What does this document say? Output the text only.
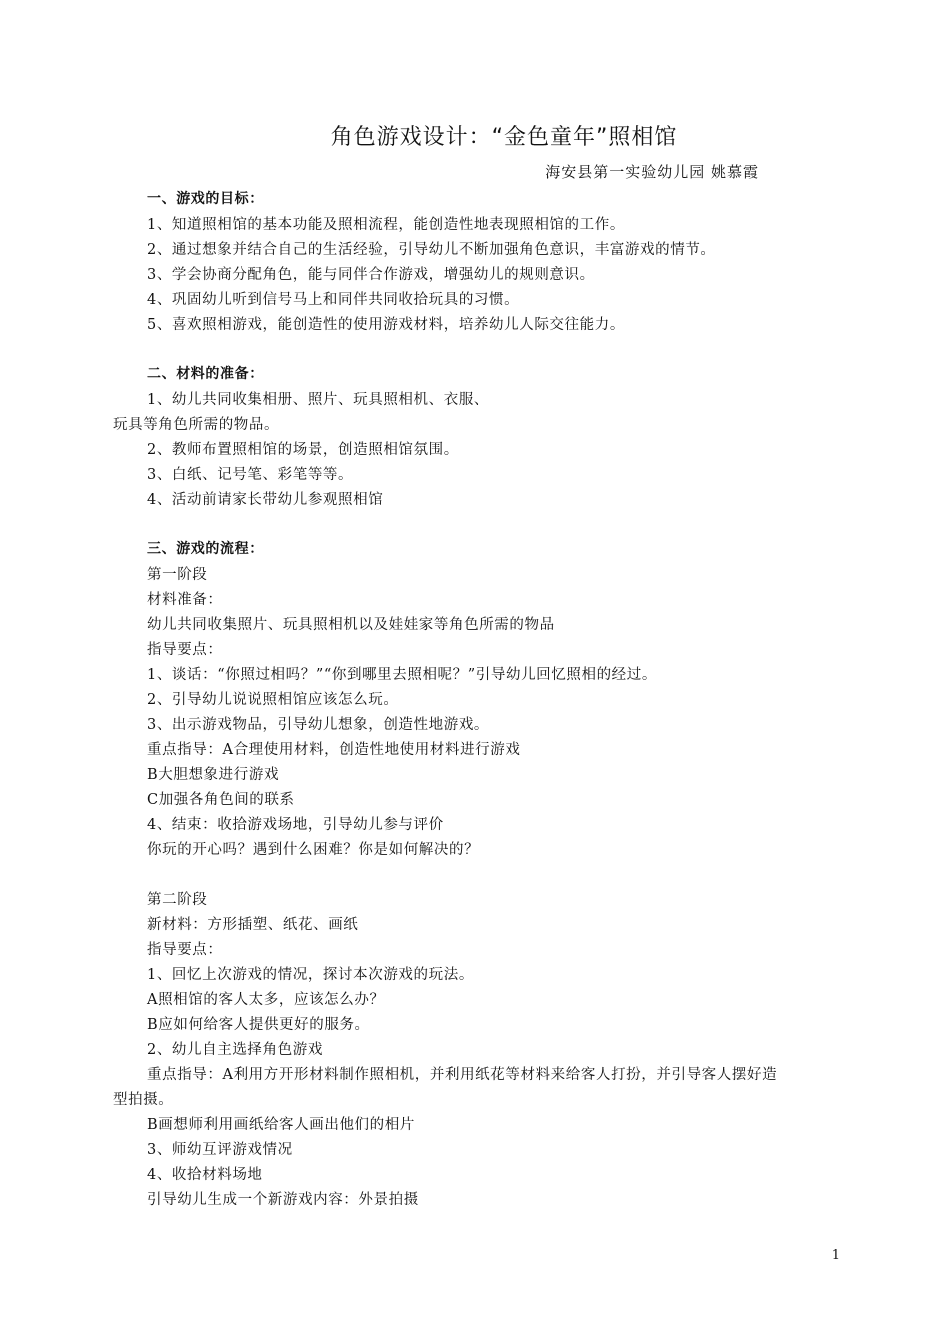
角色游戏设计：“金色童年”照相馆
海安县第一实验幼儿园 姚慕霞
一、游戏的目标：
1、知道照相馆的基本功能及照相流程，能创造性地表现照相馆的工作。
2、通过想象并结合自己的生活经验，引导幼儿不断加强角色意识，丰富游戏的情节。
3、学会协商分配角色，能与同伴合作游戏，增强幼儿的规则意识。
4、巩固幼儿听到信号马上和同伴共同收拾玩具的习惯。
5、喜欢照相游戏，能创造性的使用游戏材料，培养幼儿人际交往能力。
二、材料的准备：
1、幼儿共同收集相册、照片、玩具照相机、衣服、
玩具等角色所需的物品。
2、教师布置照相馆的场景，创造照相馆氛围。
3、白纸、记号笔、彩笔等等。
4、活动前请家长带幼儿参观照相馆
三、游戏的流程：
第一阶段
材料准备：
幼儿共同收集照片、玩具照相机以及娃娃家等角色所需的物品
指导要点：
1、谈话：“你照过相吗？”“你到哪里去照相呢？”引导幼儿回忆照相的经过。
2、引导幼儿说说照相馆应该怎么玩。
3、出示游戏物品，引导幼儿想象，创造性地游戏。
重点指导：A合理使用材料，创造性地使用材料进行游戏
B大胆想象进行游戏
C加强各角色间的联系
4、结束：收拾游戏场地，引导幼儿参与评价
你玩的开心吗？遇到什么困难？你是如何解决的？
第二阶段
新材料：方形插塑、纸花、画纸
指导要点：
1、回忆上次游戏的情况，探讨本次游戏的玩法。
A照相馆的客人太多，应该怎么办？
B应如何给客人提供更好的服务。
2、幼儿自主选择角色游戏
重点指导：A利用方开形材料制作照相机，并利用纸花等材料来给客人打扮，并引导客人摆好造
型拍摄。
B画想师利用画纸给客人画出他们的相片
3、师幼互评游戏情况
4、收拾材料场地
引导幼儿生成一个新游戏内容：外景拍摄
1
